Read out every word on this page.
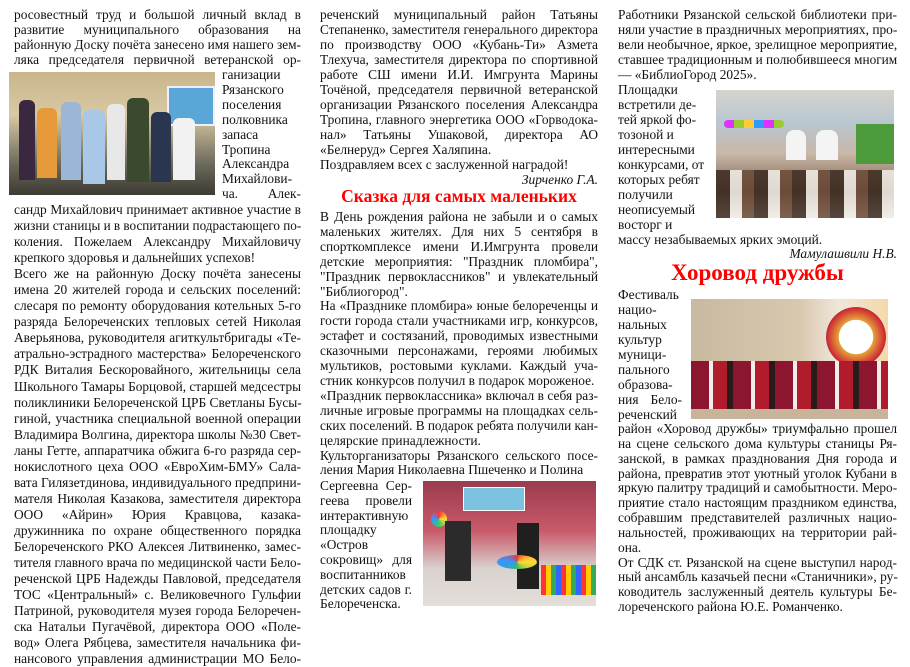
росовестный труд и большой личный вклад в
развитие муниципального образования на
районную Доску почёта занесено имя нашего зем-
ляка председателя первичной ветеранской ор-
ганизации
Рязанского
поселения
полковника
запаса
Тропина
Александра
Михайлови-
ча. Алек-
сандр Михайлович принимает активное участие в
жизни станицы и в воспитании подрастающего по-
коления. Пожелаем Александру Михайловичу
крепкого здоровья и дальнейших успехов!
Всего же на районную Доску почёта занесены
имена 20 жителей города и сельских поселений:
слесаря по ремонту оборудования котельных 5-го
разряда Белореченских тепловых сетей Николая
Аверьянова, руководителя агиткультбригады «Те-
атрально-эстрадного мастерства» Белореченского
РДК Виталия Бескоровайного, жительницы села
Школьного Тамары Борцовой, старшей медсестры
поликлиники Белореченской ЦРБ Светланы Бусы-
гиной, участника специальной военной операции
Владимира Волгина, директора школы №30 Свет-
ланы Гетте, аппаратчика обжига 6-го разряда сер-
нокислотного цеха ООО «ЕвроХим-БМУ» Сала-
вата Гилязетдинова, индивидуального предприни-
мателя Николая Казакова, заместителя директора
ООО «Айрин» Юрия Кравцова, казака-
дружинника по охране общественного порядка
Белореченского РКО Алексея Литвиненко, замес-
тителя главного врача по медицинской части Бело-
реченской ЦРБ Надежды Павловой, председателя
ТОС «Центральный» с. Великовечного Гульфии
Патриной, руководителя музея города Белоречен-
ска Натальи Пугачёвой, директора ООО «Поле-
вод» Олега Рябцева, заместителя начальника фи-
нансового управления администрации МО Бело-
реченский муниципальный район Татьяны
Степаненко, заместителя генерального директора
по производству ООО «Кубань-Ти» Азмета
Тлехуча, заместителя директора по спортивной
работе СШ имени И.И. Имгрунта Марины
Точёной, председателя первичной ветеранской
организации Рязанского поселения Александра
Тропина, главного энергетика ООО «Горводока-
нал» Татьяны Ушаковой, директора АО
«Белнеруд» Сергея Халяпина.
Поздравляем всех с заслуженной наградой!
Зирченко Г.А.
Сказка для самых маленьких
В День рождения района не забыли и о самых
маленьких жителях. Для них 5 сентября в
спорткомплексе имени И.Имгрунта провели
детские мероприятия: "Праздник пломбира",
"Праздник первоклассников" и увлекательный
"Библиогород".
На «Празднике пломбира» юные белореченцы и
гости города стали участниками игр, конкурсов,
эстафет и состязаний, проводимых известными
сказочными персонажами, героями любимых
мультиков, ростовыми куклами. Каждый уча-
стник конкурсов получил в подарок мороженое.
«Праздник первоклассника» включал в себя раз-
личные игровые программы на площадках сель-
ских поселений. В подарок ребята получили кан-
целярские принадлежности.
Культорганизаторы Рязанского сельского посе-
ления Мария Николаевна Пшеченко и Полина
Сергеевна Сер-
геева провели
интерактивную
площадку
«Остров
сокровищ» для
воспитанников
детских садов г.
Белореченска.
Работники Рязанской сельской библиотеки при-
няли участие в праздничных мероприятиях, про-
вели необычное, яркое, зрелищное мероприятие,
ставшее традиционным и полюбившееся многим
— «БиблиоГород 2025».
Площадки
встретили де-
тей яркой фо-
тозоной и
интересными
конкурсами, от
которых ребят
получили
неописуемый
восторг и
массу незабываемых ярких эмоций.
Мамулашвили Н.В.
Хоровод дружбы
Фестиваль
нацио-
нальных
культур
муници-
пального
образова-
ния Бело-
реченский
район «Хоровод дружбы» триумфально прошел
на сцене сельского дома культуры станицы Ря-
занской, в рамках празднования Дня города и
района, превратив этот уютный уголок Кубани в
яркую палитру традиций и самобытности. Меро-
приятие стало настоящим праздником единства,
собравшим представителей различных нацио-
нальностей, проживающих на территории рай-
она.
От СДК ст. Рязанской на сцене выступил народ-
ный ансамбль казачьей песни «Станичники», ру-
ководитель заслуженный деятель культуры Бе-
лореченского района Ю.Е. Романченко.
